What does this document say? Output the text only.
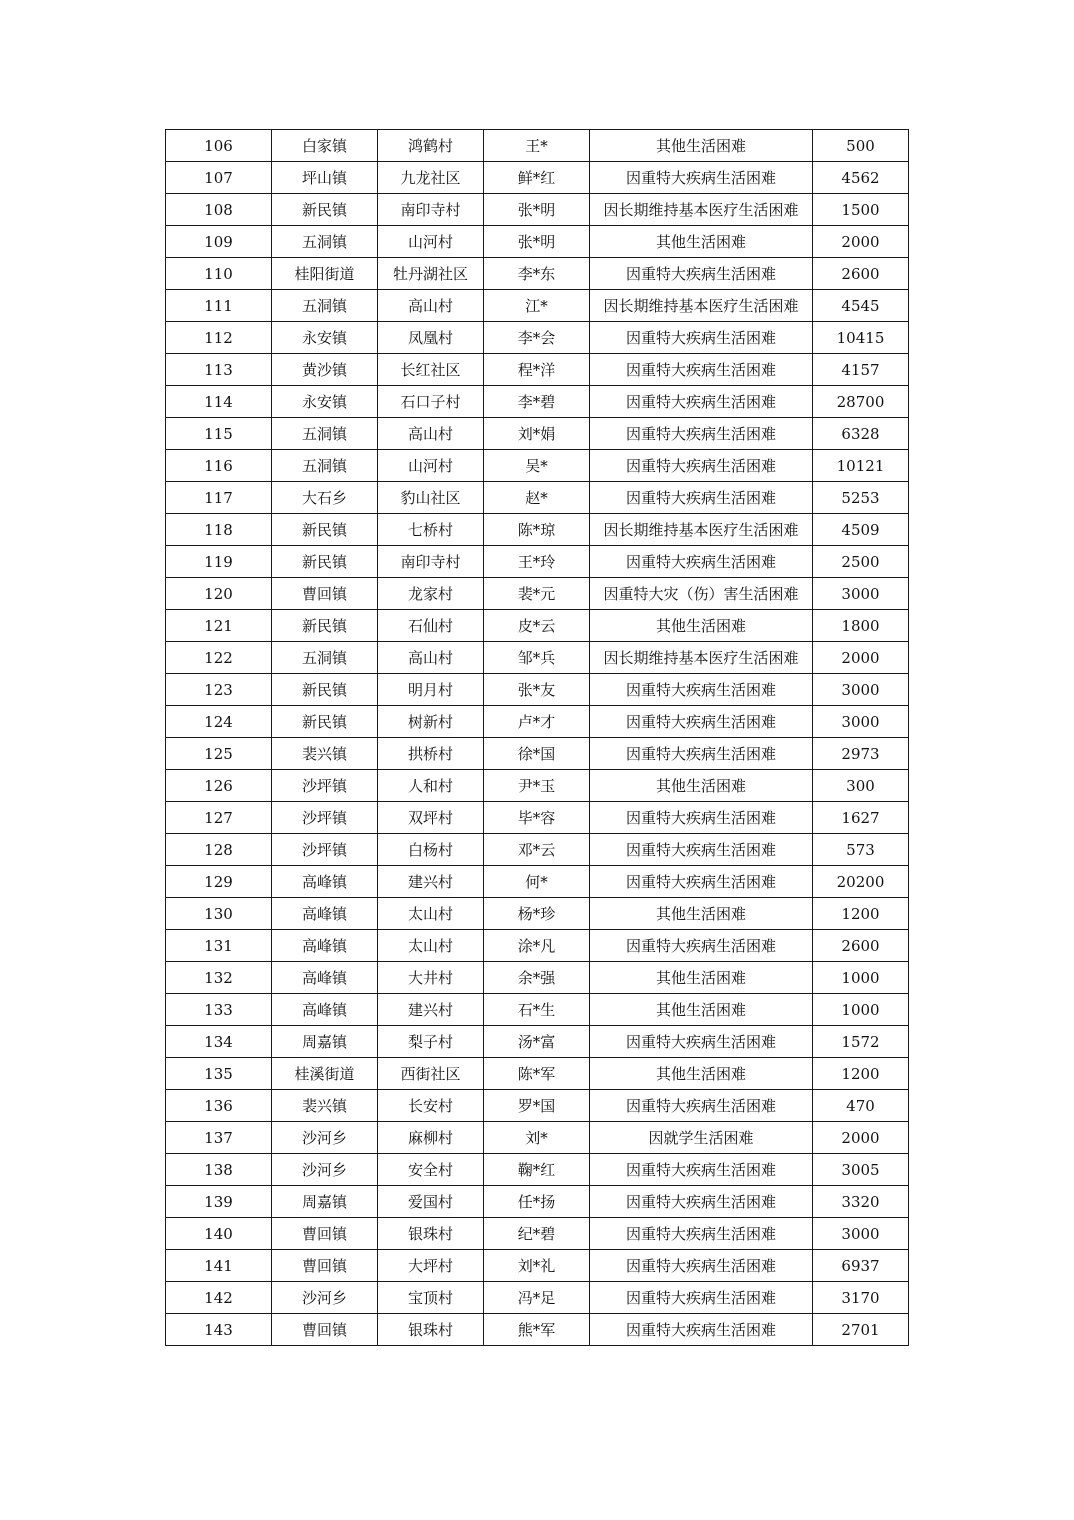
106	白家镇	鸿鹤村	王*	其他生活困难	500
107	坪山镇	九龙社区	鲜*红	因重特大疾病生活困难	4562
108	新民镇	南印寺村	张*明	因长期维持基本医疗生活困难	1500
109	五洞镇	山河村	张*明	其他生活困难	2000
110	桂阳街道	牡丹湖社区	李*东	因重特大疾病生活困难	2600
111	五洞镇	高山村	江*	因长期维持基本医疗生活困难	4545
112	永安镇	凤凰村	李*会	因重特大疾病生活困难	10415
113	黄沙镇	长红社区	程*洋	因重特大疾病生活困难	4157
114	永安镇	石口子村	李*碧	因重特大疾病生活困难	28700
115	五洞镇	高山村	刘*娟	因重特大疾病生活困难	6328
116	五洞镇	山河村	吴*	因重特大疾病生活困难	10121
117	大石乡	豹山社区	赵*	因重特大疾病生活困难	5253
118	新民镇	七桥村	陈*琼	因长期维持基本医疗生活困难	4509
119	新民镇	南印寺村	王*玲	因重特大疾病生活困难	2500
120	曹回镇	龙家村	裴*元	因重特大灾（伤）害生活困难	3000
121	新民镇	石仙村	皮*云	其他生活困难	1800
122	五洞镇	高山村	邹*兵	因长期维持基本医疗生活困难	2000
123	新民镇	明月村	张*友	因重特大疾病生活困难	3000
124	新民镇	树新村	卢*才	因重特大疾病生活困难	3000
125	裴兴镇	拱桥村	徐*国	因重特大疾病生活困难	2973
126	沙坪镇	人和村	尹*玉	其他生活困难	300
127	沙坪镇	双坪村	毕*容	因重特大疾病生活困难	1627
128	沙坪镇	白杨村	邓*云	因重特大疾病生活困难	573
129	高峰镇	建兴村	何*	因重特大疾病生活困难	20200
130	高峰镇	太山村	杨*珍	其他生活困难	1200
131	高峰镇	太山村	涂*凡	因重特大疾病生活困难	2600
132	高峰镇	大井村	余*强	其他生活困难	1000
133	高峰镇	建兴村	石*生	其他生活困难	1000
134	周嘉镇	梨子村	汤*富	因重特大疾病生活困难	1572
135	桂溪街道	西街社区	陈*军	其他生活困难	1200
136	裴兴镇	长安村	罗*国	因重特大疾病生活困难	470
137	沙河乡	麻柳村	刘*	因就学生活困难	2000
138	沙河乡	安全村	鞠*红	因重特大疾病生活困难	3005
139	周嘉镇	爱国村	任*扬	因重特大疾病生活困难	3320
140	曹回镇	银珠村	纪*碧	因重特大疾病生活困难	3000
141	曹回镇	大坪村	刘*礼	因重特大疾病生活困难	6937
142	沙河乡	宝顶村	冯*足	因重特大疾病生活困难	3170
143	曹回镇	银珠村	熊*军	因重特大疾病生活困难	2701
